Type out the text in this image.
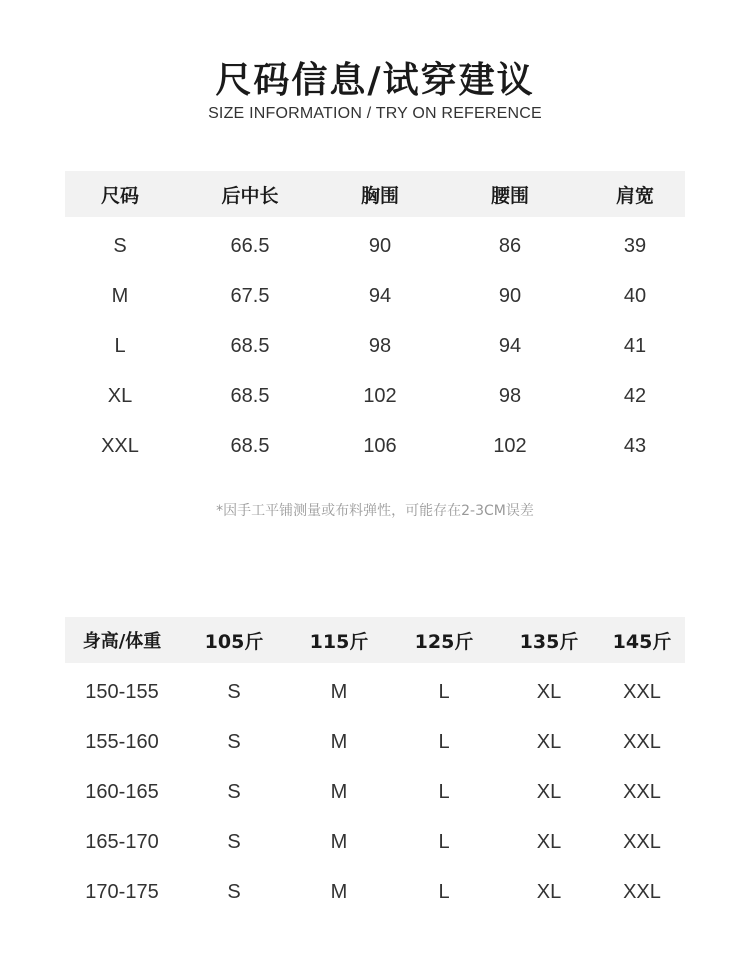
尺码信息/试穿建议
SIZE INFORMATION / TRY ON REFERENCE
尺码	后中长	胸围	腰围	肩宽
S	66.5	90	86	39
M	67.5	94	90	40
L	68.5	98	94	41
XL	68.5	102	98	42
XXL	68.5	106	102	43
*因手工平铺测量或布料弹性，可能存在2-3CM误差
身高/体重	105斤	115斤	125斤	135斤	145斤
150-155	S	M	L	XL	XXL
155-160	S	M	L	XL	XXL
160-165	S	M	L	XL	XXL
165-170	S	M	L	XL	XXL
170-175	S	M	L	XL	XXL
